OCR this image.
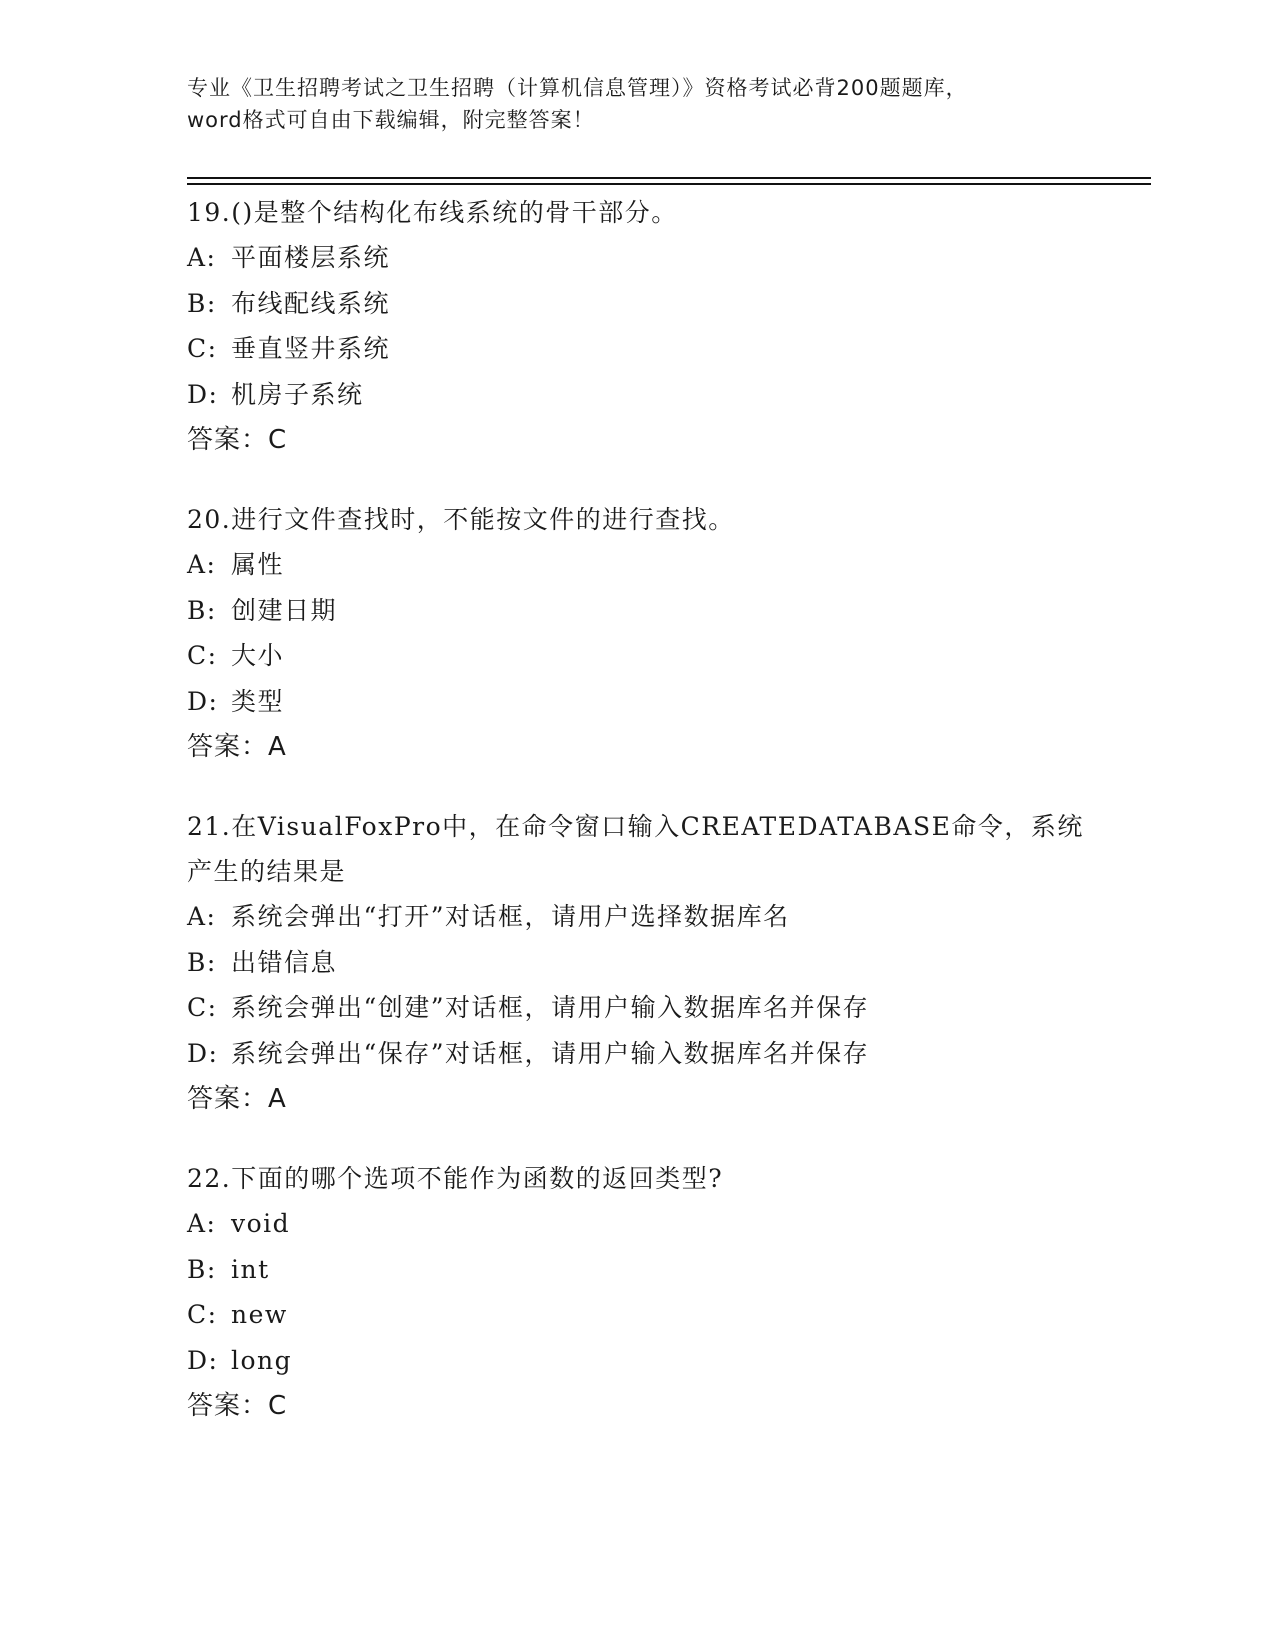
专业《卫生招聘考试之卫生招聘（计算机信息管理）》资格考试必背200题题库，
word格式可自由下载编辑，附完整答案！
19.()是整个结构化布线系统的骨干部分。
A: 平面楼层系统
B: 布线配线系统
C: 垂直竖井系统
D: 机房子系统
答案：C
20.进行文件查找时，不能按文件的进行查找。
A: 属性
B: 创建日期
C: 大小
D: 类型
答案：A
21.在VisualFoxPro中，在命令窗口输入CREATEDATABASE命令，系统产生的结果是
A: 系统会弹出“打开”对话框，请用户选择数据库名
B: 出错信息
C: 系统会弹出“创建”对话框，请用户输入数据库名并保存
D: 系统会弹出“保存”对话框，请用户输入数据库名并保存
答案：A
22.下面的哪个选项不能作为函数的返回类型?
A: void
B: int
C: new
D: long
答案：C
